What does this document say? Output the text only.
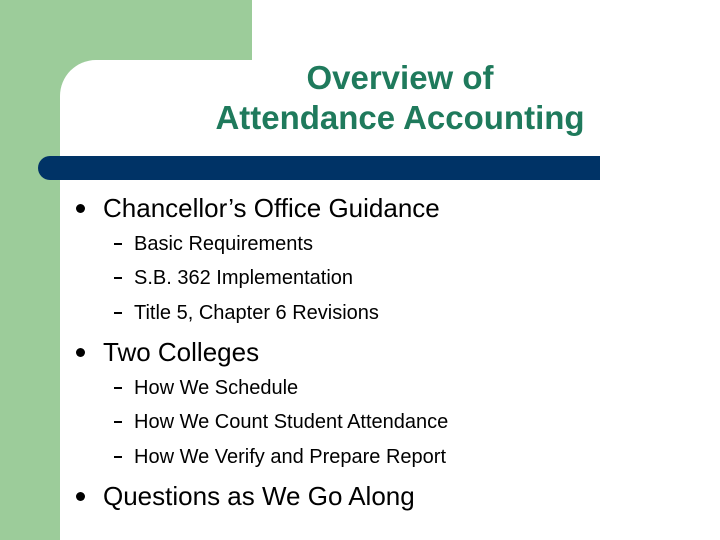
Overview of
Attendance Accounting
Chancellor’s Office Guidance
Basic Requirements
S.B. 362 Implementation
Title 5, Chapter 6 Revisions
Two Colleges
How We Schedule
How We Count Student Attendance
How We Verify and Prepare Report
Questions as We Go Along
